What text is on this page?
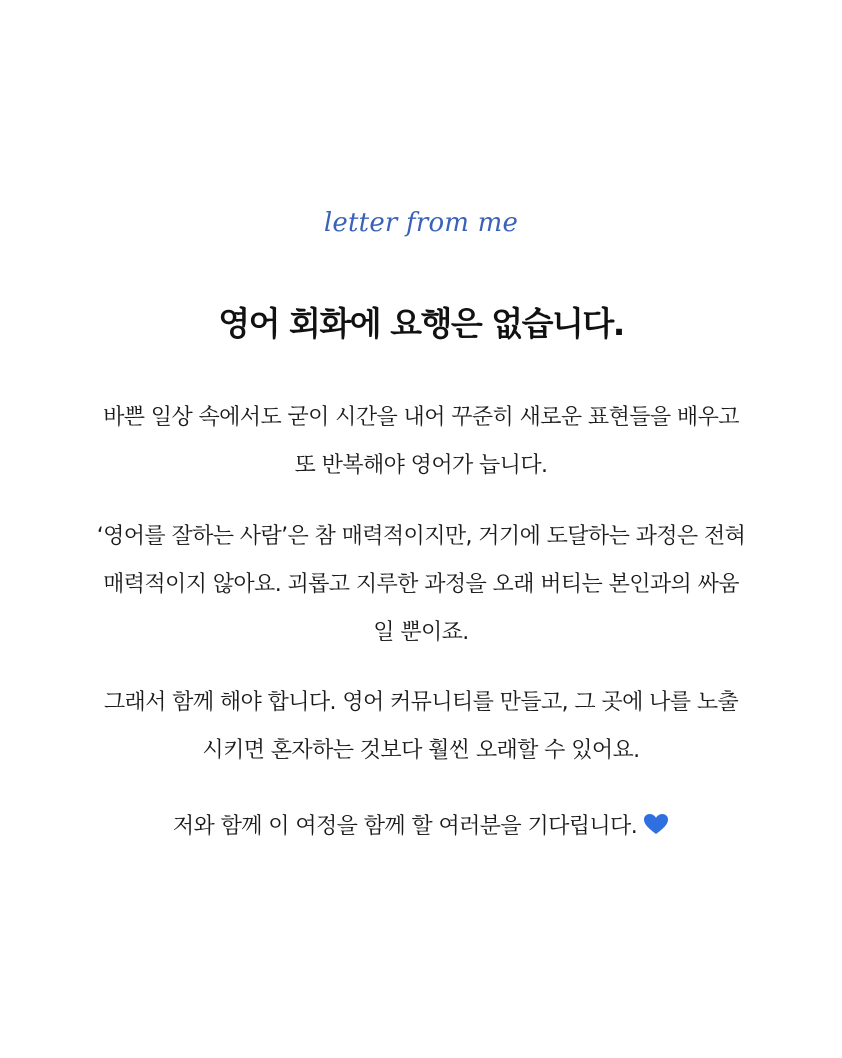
letter from me
영어 회화에 요행은 없습니다.
바쁜 일상 속에서도 굳이 시간을 내어 꾸준히 새로운 표현들을 배우고
또 반복해야 영어가 늡니다.
‘영어를 잘하는 사람’은 참 매력적이지만, 거기에 도달하는 과정은 전혀
매력적이지 않아요. 괴롭고 지루한 과정을 오래 버티는 본인과의 싸움
일 뿐이죠.
그래서 함께 해야 합니다. 영어 커뮤니티를 만들고, 그 곳에 나를 노출
시키면 혼자하는 것보다 훨씬 오래할 수 있어요.
저와 함께 이 여정을 함께 할 여러분을 기다립니다.
